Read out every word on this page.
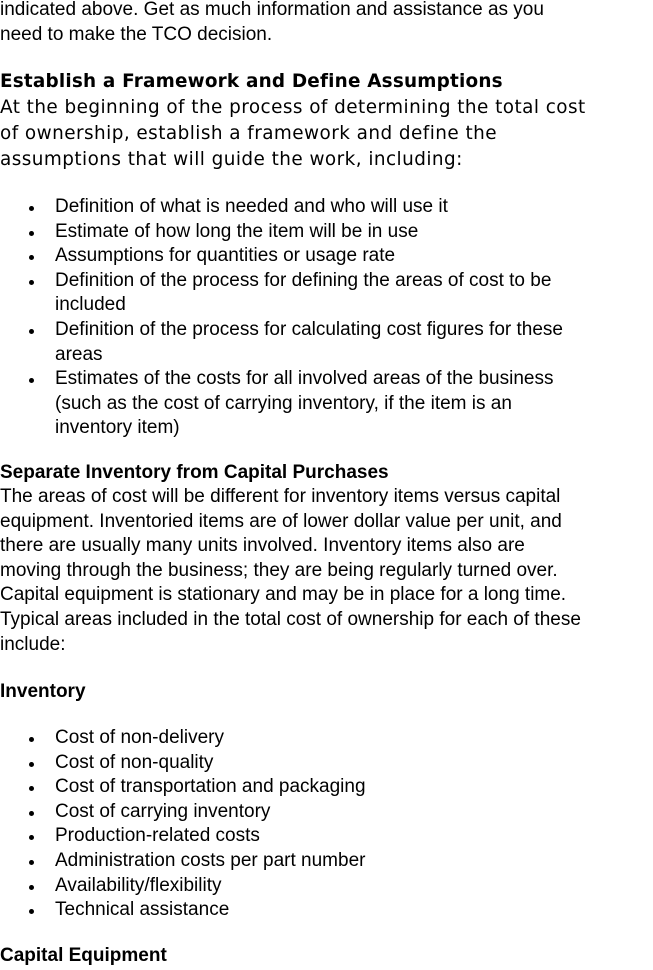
indicated above. Get as much information and assistance as you
need to make the TCO decision.

Establish a Framework and Define Assumptions

At the beginning of the process of determining the total cost
of ownership, establish a framework and define the
assumptions that will guide the work, including:

Definition of what is needed and who will use it
Estimate of how long the item will be in use
Assumptions for quantities or usage rate
Definition of the process for defining the areas of cost to be
included
Definition of the process for calculating cost figures for these
areas
Estimates of the costs for all involved areas of the business
(such as the cost of carrying inventory, if the item is an
inventory item)
Separate Inventory from Capital Purchases

The areas of cost will be different for inventory items versus capital
equipment. Inventoried items are of lower dollar value per unit, and
there are usually many units involved. Inventory items also are
moving through the business; they are being regularly turned over.
Capital equipment is stationary and may be in place for a long time.
Typical areas included in the total cost of ownership for each of these
include:

Inventory
Cost of non-delivery
Cost of non-quality
Cost of transportation and packaging
Cost of carrying inventory
Production-related costs
Administration costs per part number
Availability/flexibility
Technical assistance
Capital Equipment
